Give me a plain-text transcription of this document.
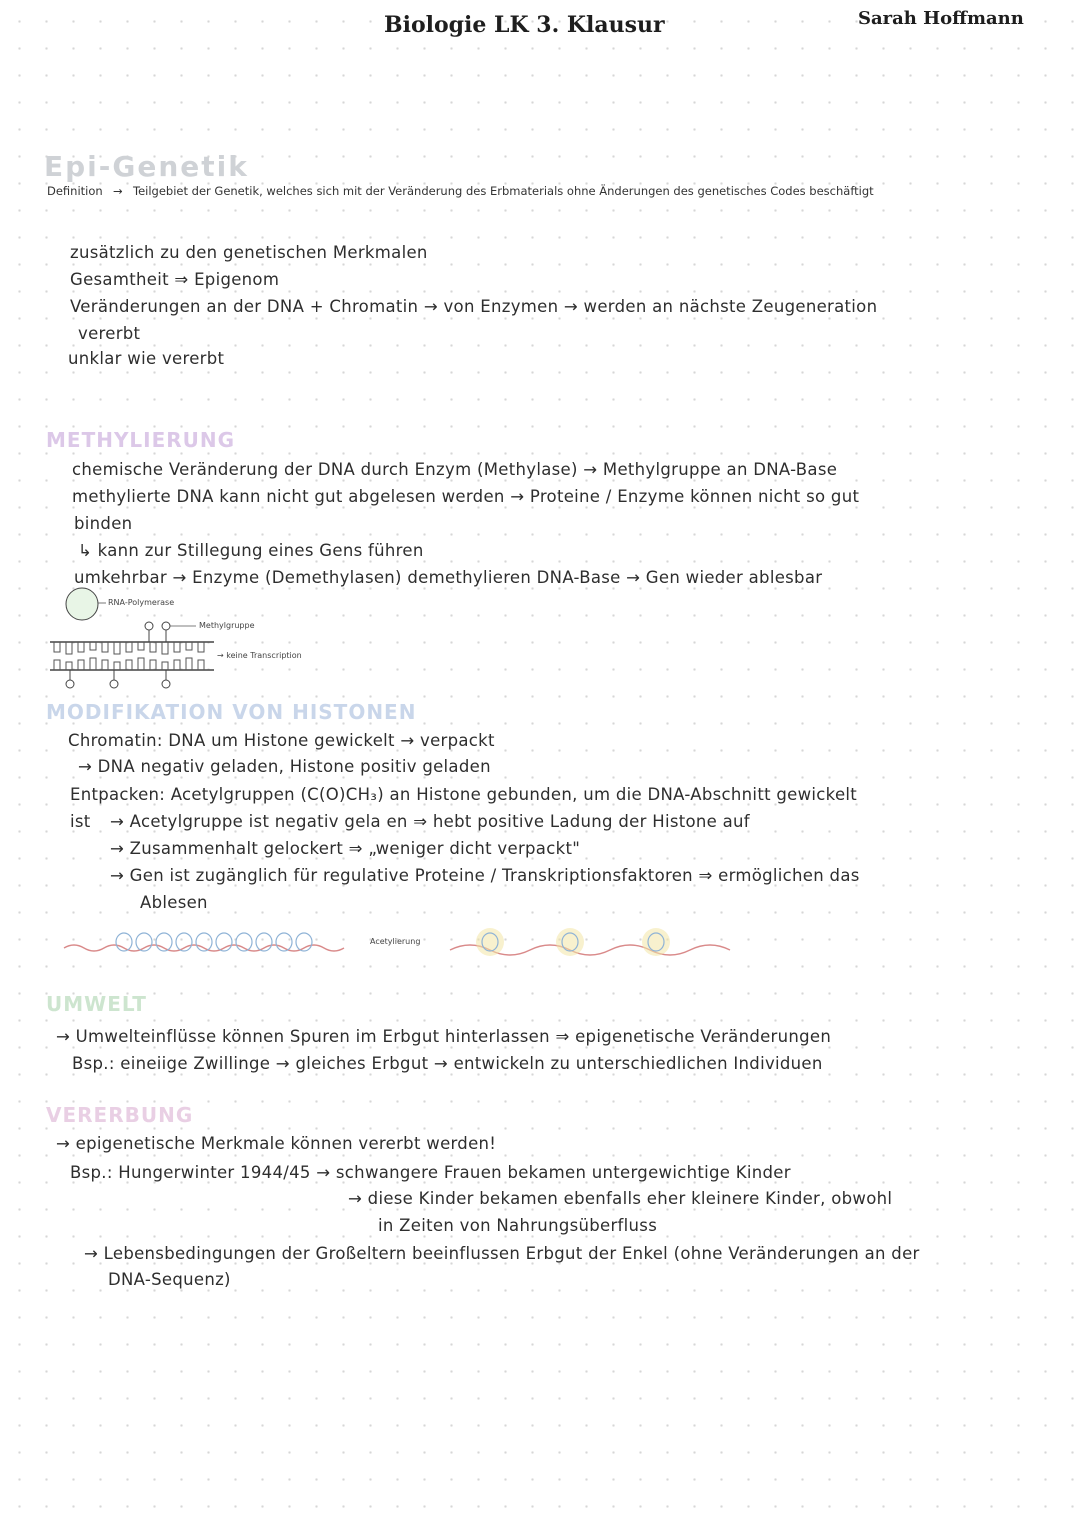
Biologie LK 3. Klausur	Sarah Hoffmann
Epi-Genetik
Definition → Teilgebiet der Genetik, welches sich mit der Veränderung des Erbmaterials ohne Änderungen des genetisches Codes beschäftigt
zusätzlich zu den genetischen Merkmalen
Gesamtheit ⇒ Epigenom
Veränderungen an der DNA + Chromatin → von Enzymen → werden an nächste Zeugeneration
vererbt
unklar wie vererbt
METHYLIERUNG
chemische Veränderung der DNA durch Enzym (Methylase) → Methylgruppe an DNA-Base
methylierte DNA kann nicht gut abgelesen werden → Proteine / Enzyme können nicht so gut
binden
↳ kann zur Stillegung eines Gens führen
umkehrbar → Enzyme (Demethylasen) demethylieren DNA-Base → Gen wieder ablesbar
RNA-Polymerase
Methylgruppe
→ keine Transcription
MODIFIKATION VON HISTONEN
Chromatin: DNA um Histone gewickelt → verpackt
→ DNA negativ geladen, Histone positiv geladen
Entpacken: Acetylgruppen (C(O)CH₃) an Histone gebunden, um die DNA-Abschnitt gewickelt
ist → Acetylgruppe ist negativ gela en ⇒ hebt positive Ladung der Histone auf
→ Zusammenhalt gelockert ⇒ „weniger dicht verpackt"
→ Gen ist zugänglich für regulative Proteine / Transkriptionsfaktoren ⇒ ermöglichen das
Ablesen
Acetylierung
UMWELT
→ Umwelteinflüsse können Spuren im Erbgut hinterlassen ⇒ epigenetische Veränderungen
Bsp.: eineiige Zwillinge → gleiches Erbgut → entwickeln zu unterschiedlichen Individuen
VERERBUNG
→ epigenetische Merkmale können vererbt werden!
Bsp.: Hungerwinter 1944/45 → schwangere Frauen bekamen untergewichtige Kinder
→ diese Kinder bekamen ebenfalls eher kleinere Kinder, obwohl
in Zeiten von Nahrungsüberfluss
→ Lebensbedingungen der Großeltern beeinflussen Erbgut der Enkel (ohne Veränderungen an der
DNA-Sequenz)
